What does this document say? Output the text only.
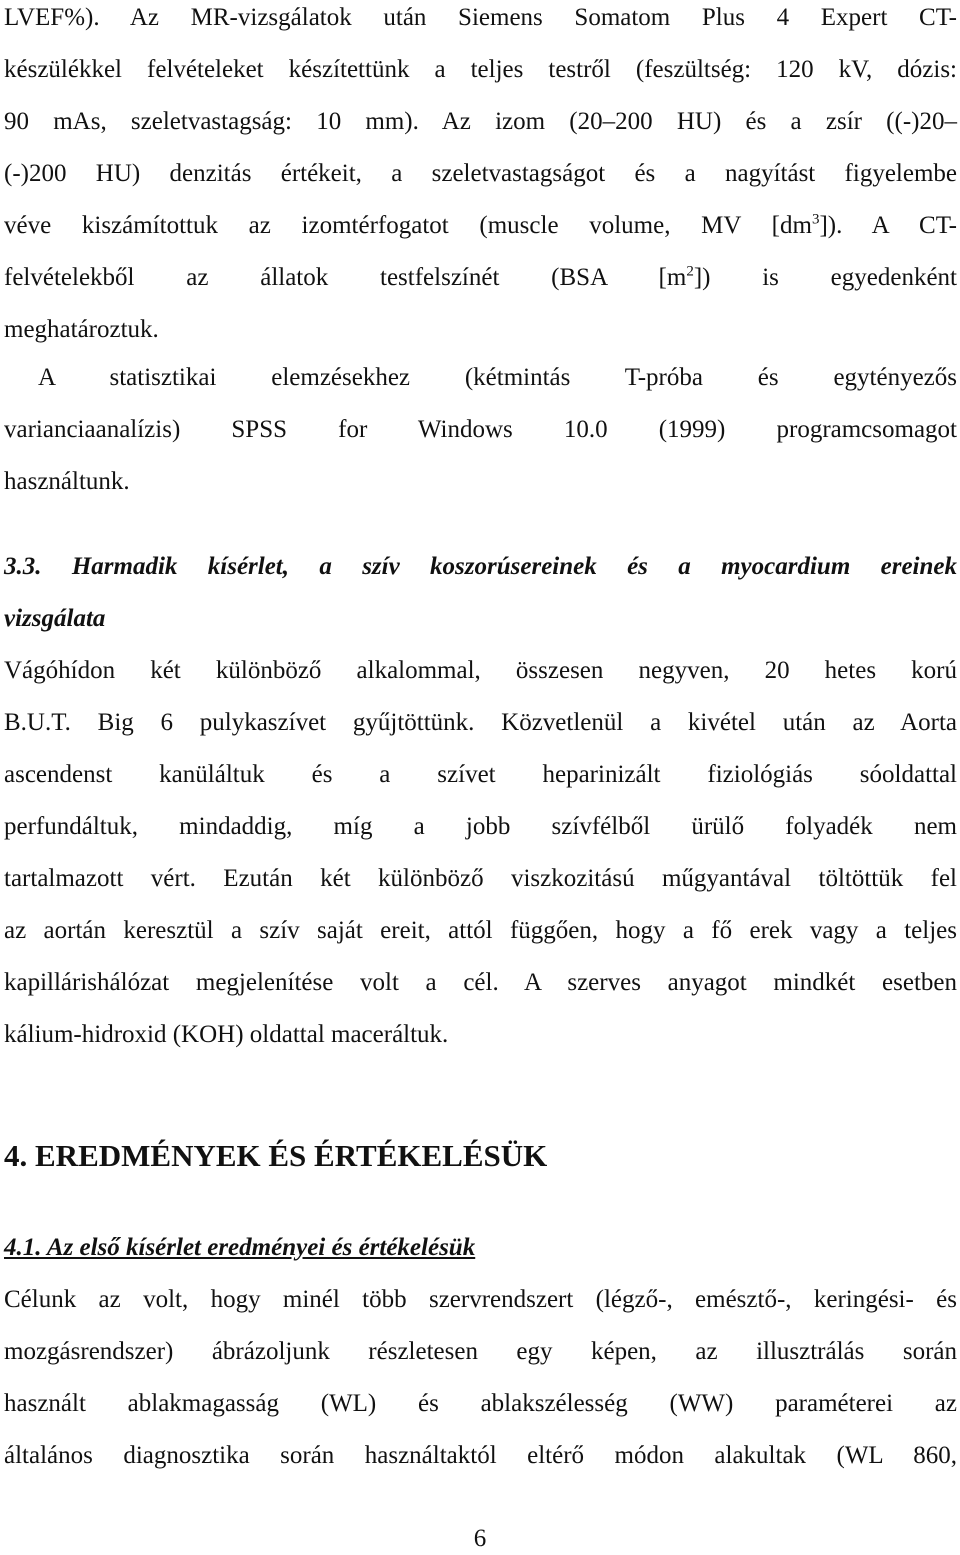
LVEF%). Az MR-vizsgálatok után Siemens Somatom Plus 4 Expert CT-

készülékkel felvételeket készítettünk a teljes testről (feszültség: 120 kV, dózis:

90 mAs, szeletvastagság: 10 mm). Az izom (20–200 HU) és a zsír ((-)20–

(-)200 HU) denzitás értékeit, a szeletvastagságot és a nagyítást figyelembe

véve kiszámítottuk az izomtérfogatot (muscle volume, MV $[dm^3]$). A CT-

felvételekből az állatok testfelszínét (BSA $[m^2]$) is egyedenként

meghatároztuk.

A statisztikai elemzésekhez (kétmintás T-próba és egytényezős

varianciaanalízis) SPSS for Windows 10.0 (1999) programcsomagot

használtunk.

3.3. Harmadik kísérlet, a szív koszorúsereinek és a myocardium ereinek

vizsgálata

Vágóhídon két különböző alkalommal, összesen negyven, 20 hetes korú

B.U.T. Big 6 pulykaszívet gyűjtöttünk. Közvetlenül a kivétel után az Aorta

ascendenst kanüláltuk és a szívet heparinizált fiziológiás sóoldattal

perfundáltuk, mindaddig, míg a jobb szívfélből ürülő folyadék nem

tartalmazott vért. Ezután két különböző viszkozitású műgyantával töltöttük fel

az aortán keresztül a szív saját ereit, attól függően, hogy a fő erek vagy a teljes

kapillárishálózat megjelenítése volt a cél. A szerves anyagot mindkét esetben

kálium-hidroxid (KOH) oldattal maceráltuk.

4. EREDMÉNYEK ÉS ÉRTÉKELÉSÜK

4.1. Az első kísérlet eredményei és értékelésük

Célunk az volt, hogy minél több szervrendszert (légző-, emésztő-, keringési- és

mozgásrendszer) ábrázoljunk részletesen egy képen, az illusztrálás során

használt ablakmagasság (WL) és ablakszélesség (WW) paraméterei az

általános diagnosztika során használtaktól eltérő módon alakultak (WL 860,

6
